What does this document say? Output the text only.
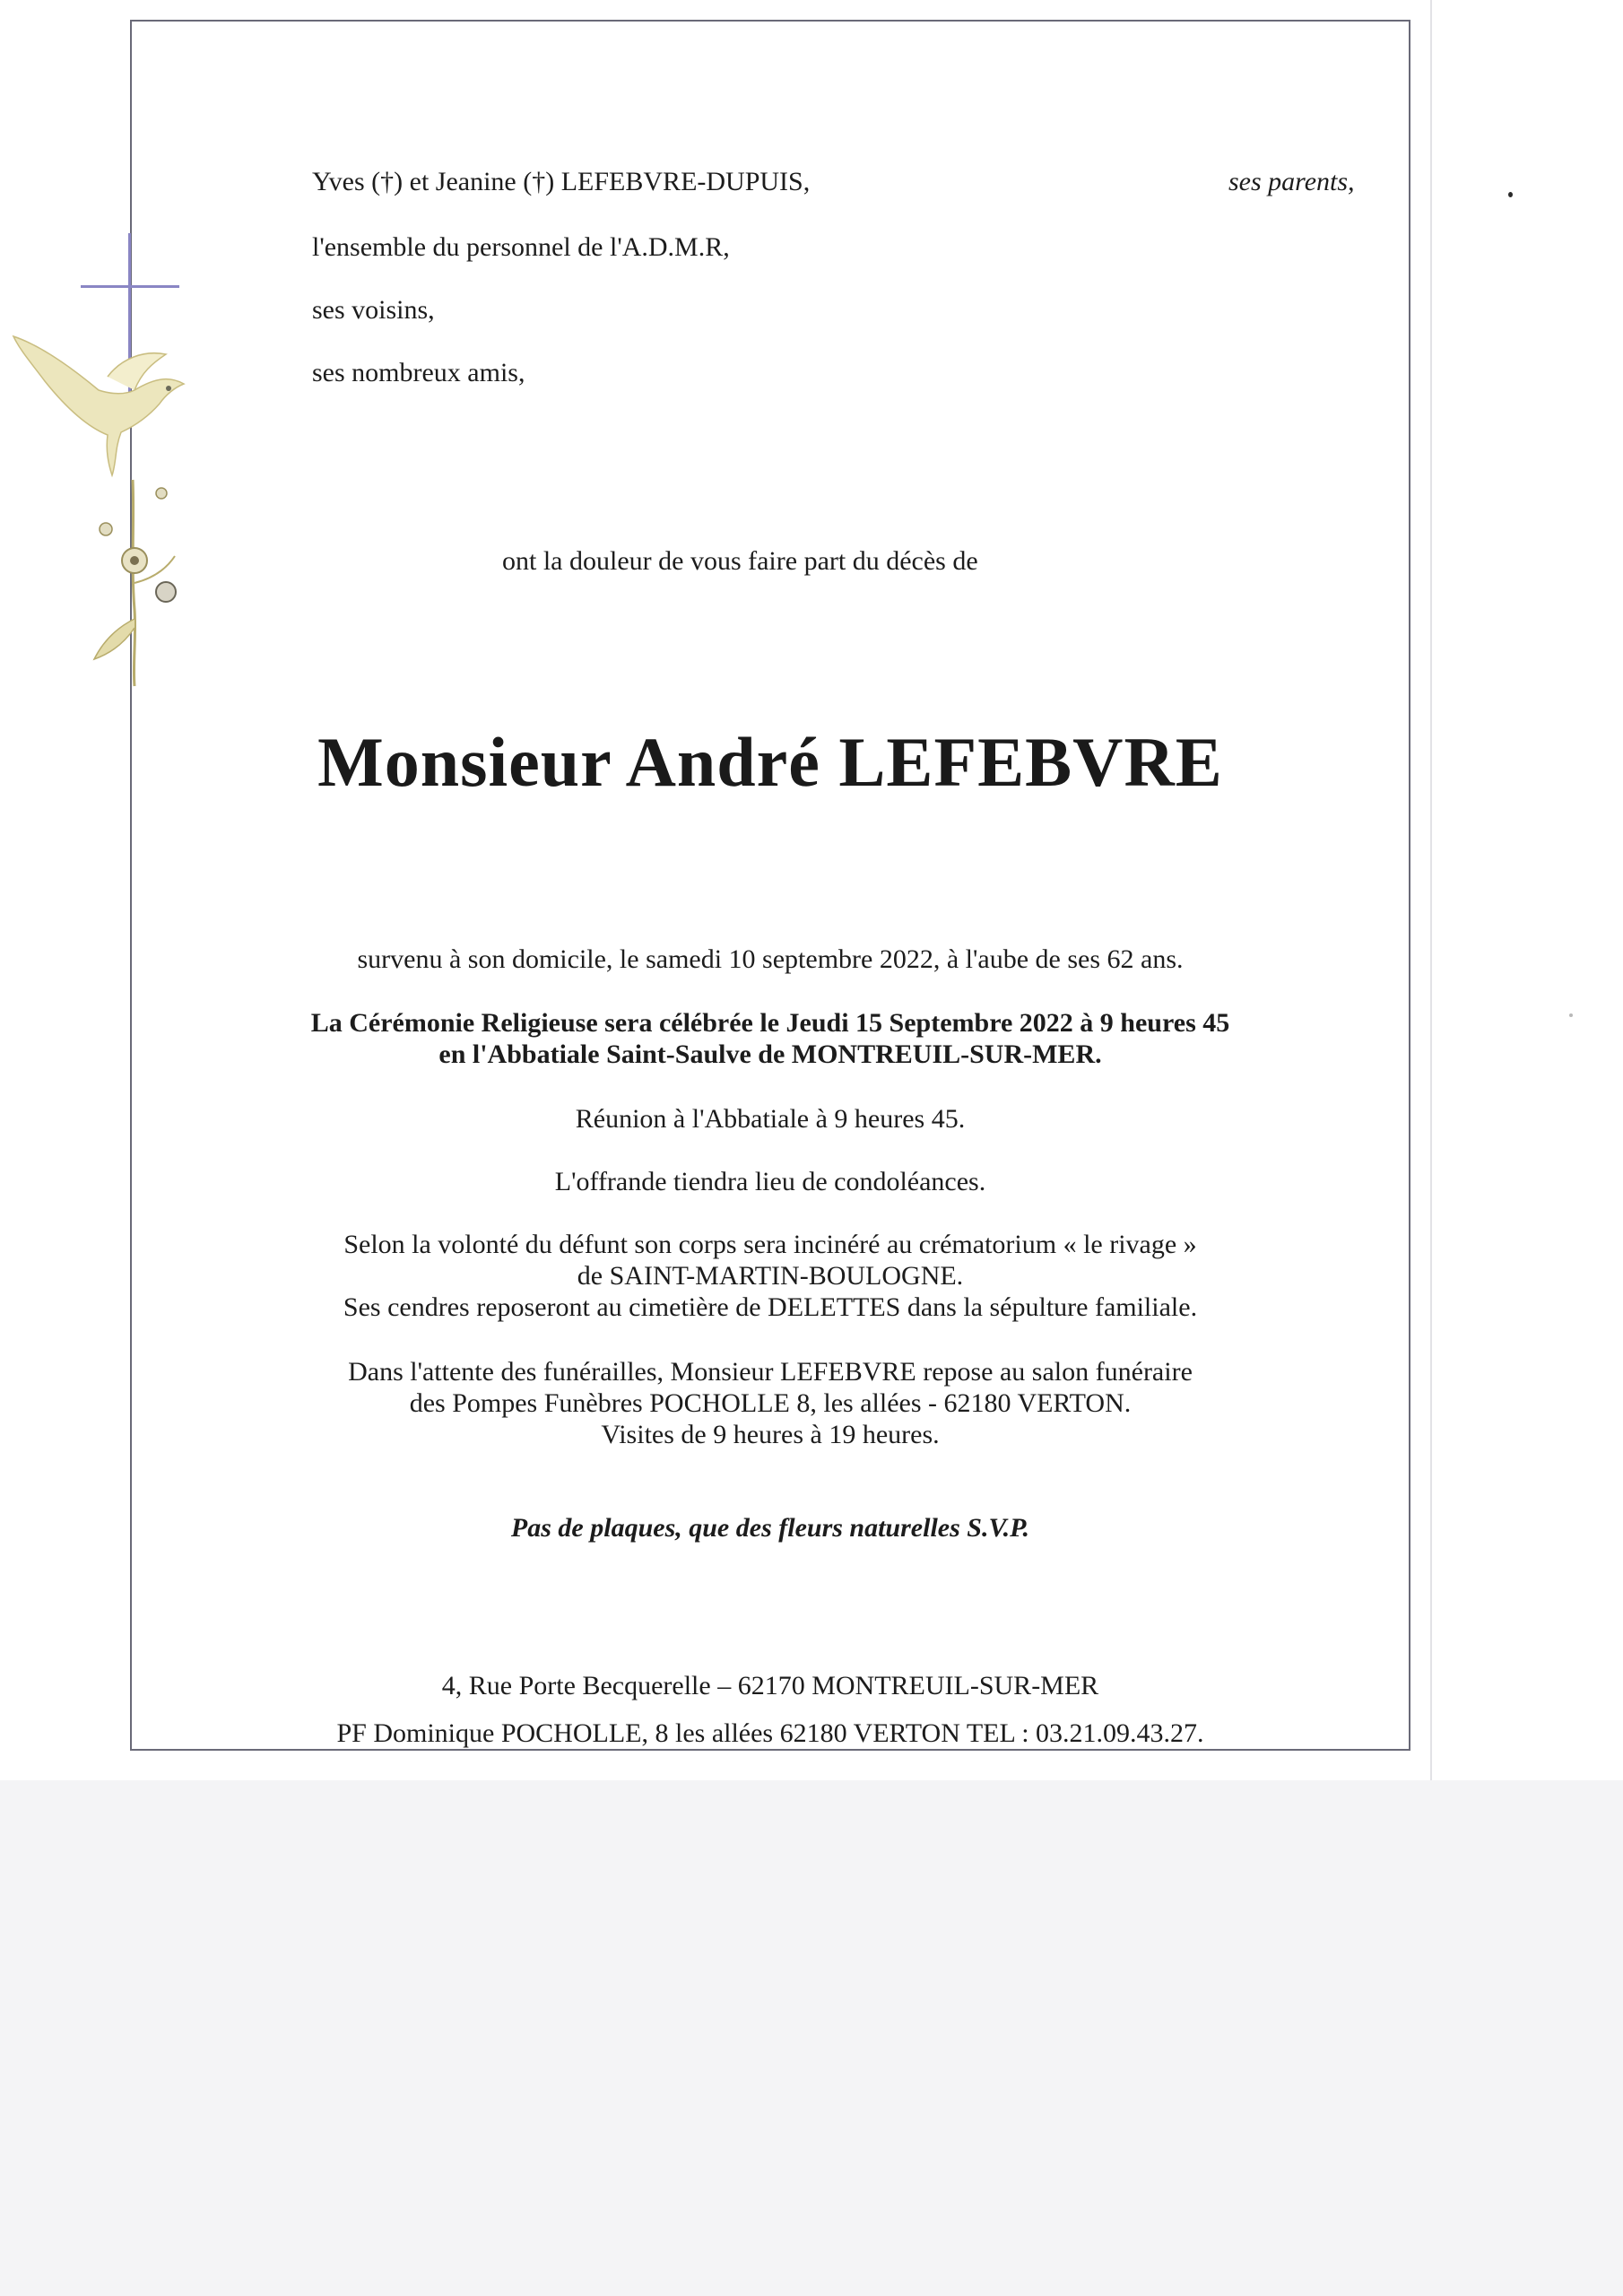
Yves (†) et Jeanine (†) LEFEBVRE-DUPUIS,	ses parents,
l'ensemble du personnel de l'A.D.M.R,
ses voisins,
ses nombreux amis,
ont la douleur de vous faire part du décès de
Monsieur André LEFEBVRE
survenu à son domicile, le samedi 10 septembre 2022, à l'aube de ses 62 ans.
La Cérémonie Religieuse sera célébrée le Jeudi 15 Septembre 2022 à 9 heures 45
en l'Abbatiale Saint-Saulve de MONTREUIL-SUR-MER.
Réunion à l'Abbatiale à 9 heures 45.
L'offrande tiendra lieu de condoléances.
Selon la volonté du défunt son corps sera incinéré au crématorium « le rivage »
de SAINT-MARTIN-BOULOGNE.
Ses cendres reposeront au cimetière de DELETTES dans la sépulture familiale.
Dans l'attente des funérailles, Monsieur LEFEBVRE repose au salon funéraire
des Pompes Funèbres POCHOLLE 8, les allées - 62180 VERTON.
Visites de 9 heures à 19 heures.
Pas de plaques, que des fleurs naturelles S.V.P.
4, Rue Porte Becquerelle – 62170 MONTREUIL-SUR-MER
PF Dominique POCHOLLE, 8 les allées 62180 VERTON TEL : 03.21.09.43.27.
